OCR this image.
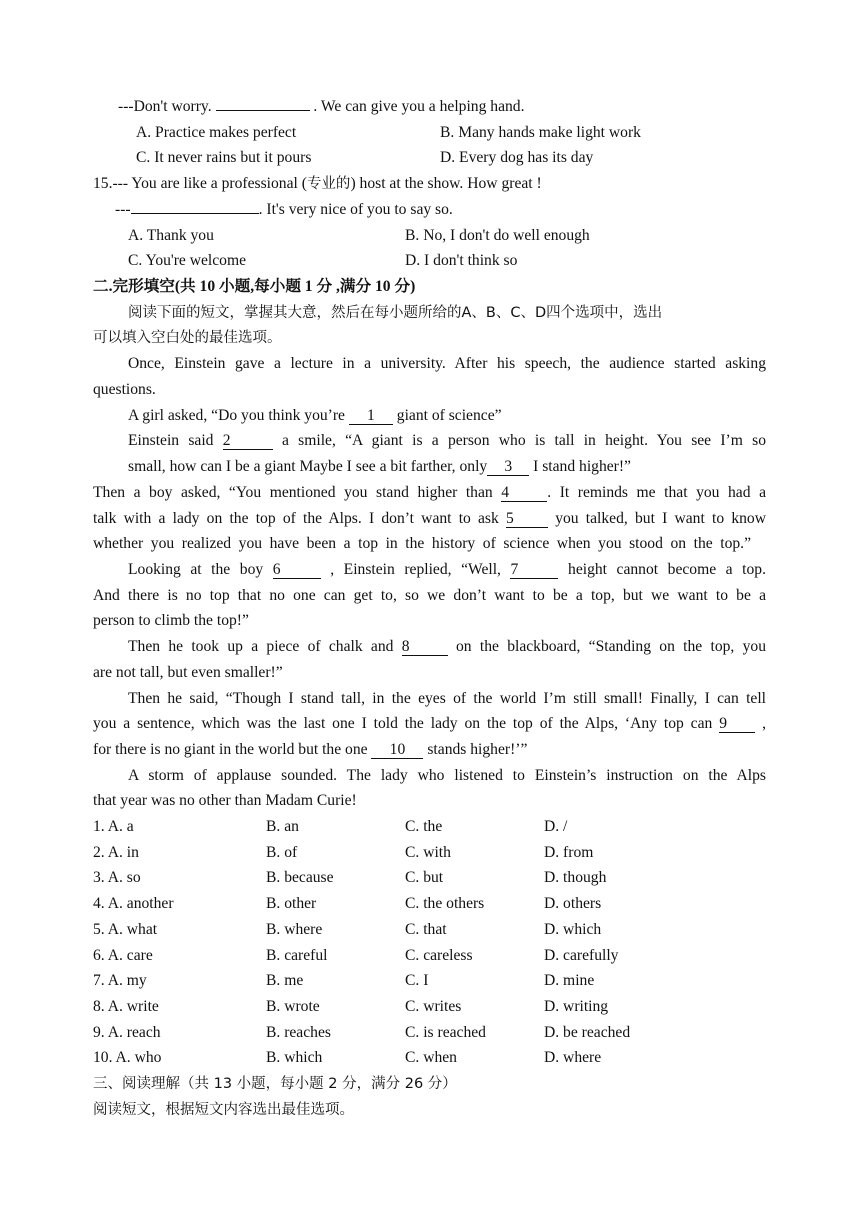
---Don't worry.	. We can give you a helping hand.
A. Practice makes perfect	B. Many hands make light work
C. It never rains but it pours	D. Every dog has its day
15.--- You are like a professional (专业的) host at the show. How great !
---	. It's very nice of you to say so.
A. Thank you	B. No, I don't do well enough
C. You're welcome	D. I don't think so
二.完形填空(共 10 小题,每小题 1 分 ,满分 10 分)
阅读下面的短文，掌握其大意，然后在每小题所给的A、B、C、D四个选项中，选出
可以填入空白处的最佳选项。
Once, Einstein gave a lecture in a university. After his speech, the audience started asking
questions.
A girl asked, “Do you think you’re 1 giant of science”
Einstein said 2	a smile, “A giant is a person who is tall in height. You see I’m so
small, how can I be a giant Maybe I see a bit farther, only 3 I stand higher!”
Then a boy asked, “You mentioned you stand higher than 4 . It reminds me that you had a
talk with a lady on the top of the Alps. I don’t want to ask 5 you talked, but I want to know
whether you realized you have been a top in the history of science when you stood on the top.”
Looking at the boy 6	, Einstein replied, “Well, 7	height cannot become a top.
And there is no top that no one can get to, so we don’t want to be a top, but we want to be a
person to climb the top!”
Then he took up a piece of chalk and 8 on the blackboard, “Standing on the top, you
are not tall, but even smaller!”
Then he said, “Though I stand tall, in the eyes of the world I’m still small! Finally, I can tell
you a sentence, which was the last one I told the lady on the top of the Alps, ‘Any top can 9 ,
for there is no giant in the world but the one 10 stands higher!’”
A storm of applause sounded. The lady who listened to Einstein’s instruction on the Alps
that year was no other than Madam Curie!
1. A. a	B. an	C. the	D. /
2. A. in	B. of	C. with	D. from
3. A. so	B. because	C. but	D. though
4. A. another	B. other	C. the others	D. others
5. A. what	B. where	C. that	D. which
6. A. care	B. careful	C. careless	D. carefully
7. A. my	B. me	C. I	D. mine
8. A. write	B. wrote	C. writes	D. writing
9. A. reach	B. reaches	C. is reached	D. be reached
10. A. who	B. which	C. when	D. where
三、阅读理解（共 13 小题，每小题 2 分，满分 26 分）
阅读短文，根据短文内容选出最佳选项。
